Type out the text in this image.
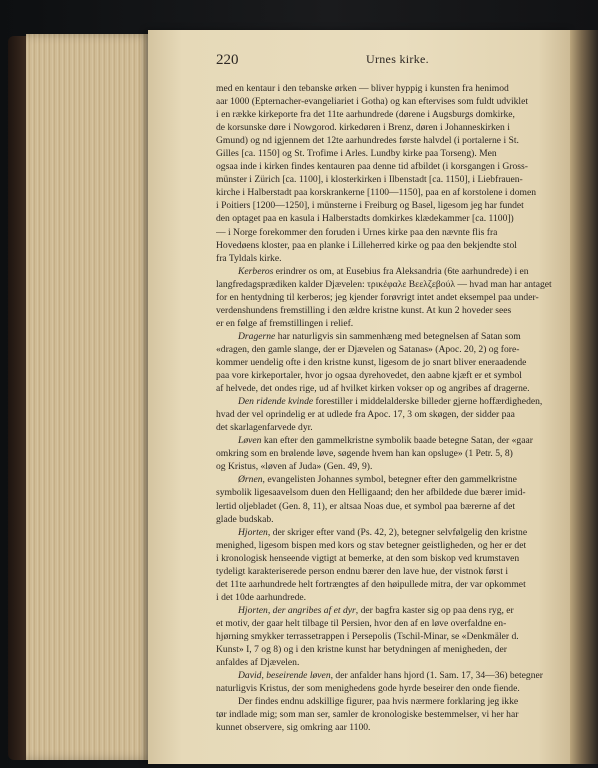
220	Urnes kirke.
med en kentaur i den tebanske ørken — bliver hyppig i kunsten fra henimod
aar 1000 (Epternacher-evangeliariet i Gotha) og kan eftervises som fuldt udviklet
i en række kirkeporte fra det 11te aarhundrede (dørene i Augsburgs domkirke,
de korsunske døre i Nowgorod. kirkedøren i Brenz, døren i Johanneskirken i
Gmund) og nd igjennem det 12te aarhundredes første halvdel (i portalerne i St.
Gilles [ca. 1150] og St. Trofime i Arles. Lundby kirke paa Torseng). Men
ogsaa inde i kirken findes kentauren paa denne tid afbildet (i korsgangen i Gross-
münster i Zürich [ca. 1100], i klosterkirken i Ilbenstadt [ca. 1150], i Liebfrauen-
kirche i Halberstadt paa korskrankerne [1100—1150], paa en af korstolene i domen
i Poitiers [1200—1250], i münsterne i Freiburg og Basel, ligesom jeg har fundet
den optaget paa en kasula i Halberstadts domkirkes klædekammer [ca. 1100])
— i Norge forekommer den foruden i Urnes kirke paa den nævnte flis fra
Hovedøens kloster, paa en planke i Lilleherred kirke og paa den bekjendte stol
fra Tyldals kirke.
Kerberos erindrer os om, at Eusebius fra Aleksandria (6te aarhundrede) i en
langfredagsprædiken kalder Djævelen: τρικέφαλε Βεελζεβούλ — hvad man har antaget
for en hentydning til kerberos; jeg kjender forøvrigt intet andet eksempel paa under-
verdenshundens fremstilling i den ældre kristne kunst. At kun 2 hoveder sees
er en følge af fremstillingen i relief.
Dragerne har naturligvis sin sammenhæng med betegnelsen af Satan som
«dragen, den gamle slange, der er Djævelen og Satanas» (Apoc. 20, 2) og fore-
kommer uendelig ofte i den kristne kunst, ligesom de jo snart bliver eneraadende
paa vore kirkeportaler, hvor jo ogsaa dyrehovedet, den aabne kjæft er et symbol
af helvede, det ondes rige, ud af hvilket kirken vokser op og angribes af dragerne.
Den ridende kvinde forestiller i middelalderske billeder gjerne hoffærdigheden,
hvad der vel oprindelig er at udlede fra Apoc. 17, 3 om skøgen, der sidder paa
det skarlagenfarvede dyr.
Løven kan efter den gammelkristne symbolik baade betegne Satan, der «gaar
omkring som en brølende løve, søgende hvem han kan opsluge» (1 Petr. 5, 8)
og Kristus, «løven af Juda» (Gen. 49, 9).
Ørnen, evangelisten Johannes symbol, betegner efter den gammelkristne
symbolik ligesaavelsom duen den Helligaand; den her afbildede due bærer imid-
lertid oljebladet (Gen. 8, 11), er altsaa Noas due, et symbol paa bærerne af det
glade budskab.
Hjorten, der skriger efter vand (Ps. 42, 2), betegner selvfølgelig den kristne
menighed, ligesom bispen med kors og stav betegner geistligheden, og her er det
i kronologisk henseende vigtigt at bemerke, at den som biskop ved krumstaven
tydeligt karakteriserede person endnu bærer den lave hue, der vistnok først i
det 11te aarhundrede helt fortrængtes af den høipullede mitra, der var opkommet
i det 10de aarhundrede.
Hjorten, der angribes af et dyr, der bagfra kaster sig op paa dens ryg, er
et motiv, der gaar helt tilbage til Persien, hvor den af en løve overfaldne en-
hjørning smykker terrassetrappen i Persepolis (Tschil-Minar, se «Denkmäler d.
Kunst» I, 7 og 8) og i den kristne kunst har betydningen af menigheden, der
anfaldes af Djævelen.
David, beseirende løven, der anfalder hans hjord (1. Sam. 17, 34—36) betegner
naturligvis Kristus, der som menighedens gode hyrde beseirer den onde fiende.
Der findes endnu adskillige figurer, paa hvis nærmere forklaring jeg ikke
tør indlade mig; som man ser, samler de kronologiske bestemmelser, vi her har
kunnet observere, sig omkring aar 1100.
